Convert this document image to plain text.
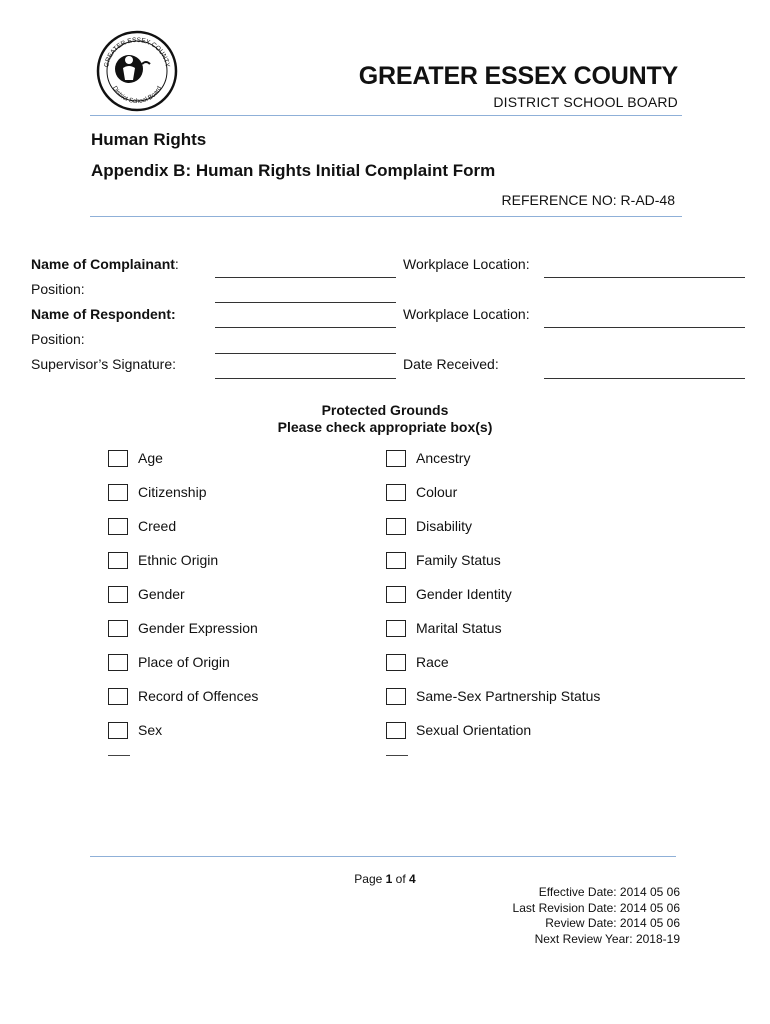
GREATER ESSEX COUNTY
District School Board	GREATER ESSEX COUNTY
DISTRICT SCHOOL BOARD
Human Rights
Appendix B: Human Rights Initial Complaint Form
REFERENCE NO: R-AD-48
Name of Complainant:	Workplace Location:
Position:
Name of Respondent:	Workplace Location:
Position:
Supervisor’s Signature:	Date Received:
Protected Grounds
Please check appropriate box(s)
Age
Citizenship
Creed
Ethnic Origin
Gender
Gender Expression
Place of Origin
Record of Offences
Sex
Ancestry
Colour
Disability
Family Status
Gender Identity
Marital Status
Race
Same-Sex Partnership Status
Sexual Orientation
Page 1 of 4
Effective Date: 2014 05 06
Last Revision Date: 2014 05 06
Review Date: 2014 05 06
Next Review Year: 2018-19
